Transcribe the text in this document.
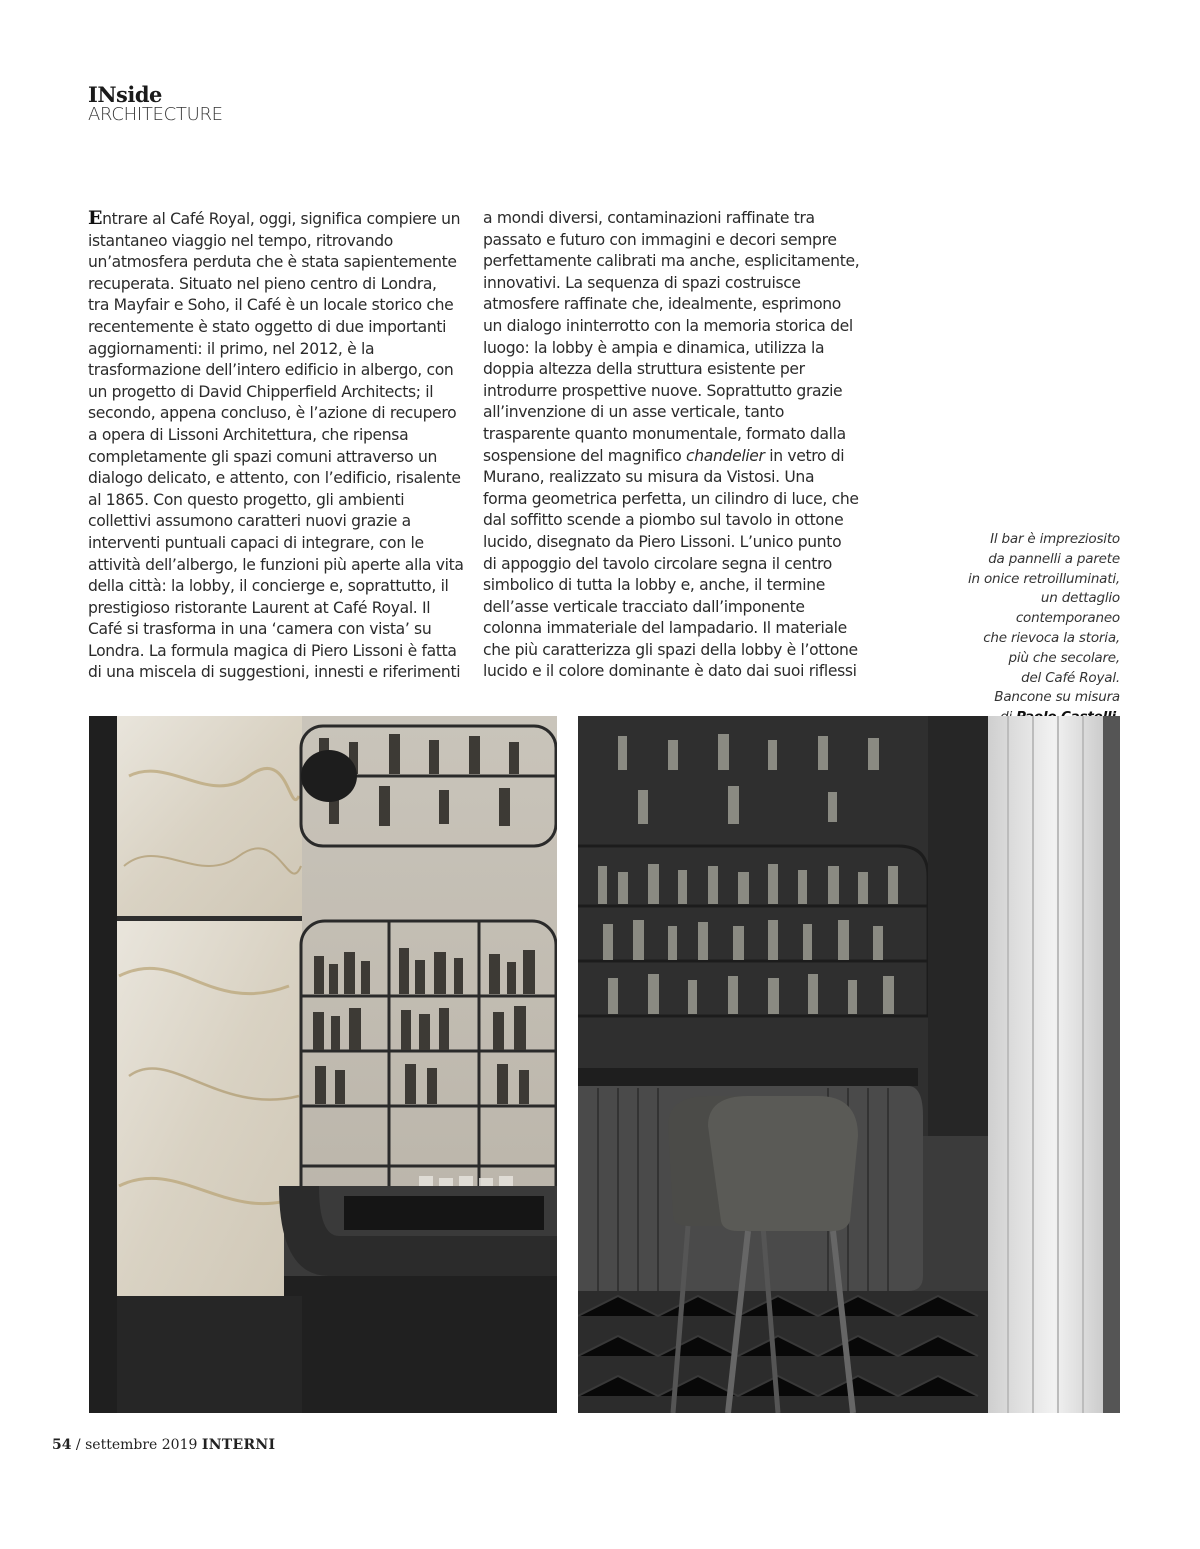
INside
ARCHITECTURE
Entrare al Café Royal, oggi, significa compiere un
istantaneo viaggio nel tempo, ritrovando
un’atmosfera perduta che è stata sapientemente
recuperata. Situato nel pieno centro di Londra,
tra Mayfair e Soho, il Café è un locale storico che
recentemente è stato oggetto di due importanti
aggiornamenti: il primo, nel 2012, è la
trasformazione dell’intero edificio in albergo, con
un progetto di David Chipperfield Architects; il
secondo, appena concluso, è l’azione di recupero
a opera di Lissoni Architettura, che ripensa
completamente gli spazi comuni attraverso un
dialogo delicato, e attento, con l’edificio, risalente
al 1865. Con questo progetto, gli ambienti
collettivi assumono caratteri nuovi grazie a
interventi puntuali capaci di integrare, con le
attività dell’albergo, le funzioni più aperte alla vita
della città: la lobby, il concierge e, soprattutto, il
prestigioso ristorante Laurent at Café Royal. Il
Café si trasforma in una ‘camera con vista’ su
Londra. La formula magica di Piero Lissoni è fatta
di una miscela di suggestioni, innesti e riferimenti
a mondi diversi, contaminazioni raffinate tra
passato e futuro con immagini e decori sempre
perfettamente calibrati ma anche, esplicitamente,
innovativi. La sequenza di spazi costruisce
atmosfere raffinate che, idealmente, esprimono
un dialogo ininterrotto con la memoria storica del
luogo: la lobby è ampia e dinamica, utilizza la
doppia altezza della struttura esistente per
introdurre prospettive nuove. Soprattutto grazie
all’invenzione di un asse verticale, tanto
trasparente quanto monumentale, formato dalla
sospensione del magnifico chandelier in vetro di
Murano, realizzato su misura da Vistosi. Una
forma geometrica perfetta, un cilindro di luce, che
dal soffitto scende a piombo sul tavolo in ottone
lucido, disegnato da Piero Lissoni. L’unico punto
di appoggio del tavolo circolare segna il centro
simbolico di tutta la lobby e, anche, il termine
dell’asse verticale tracciato dall’imponente
colonna immateriale del lampadario. Il materiale
che più caratterizza gli spazi della lobby è l’ottone
lucido e il colore dominante è dato dai suoi riflessi
Il bar è impreziosito
da pannelli a parete
in onice retroilluminati,
un dettaglio
contemporaneo
che rievoca la storia,
più che secolare,
del Café Royal.
Bancone su misura
54 / settembre 2019 INTERNI
